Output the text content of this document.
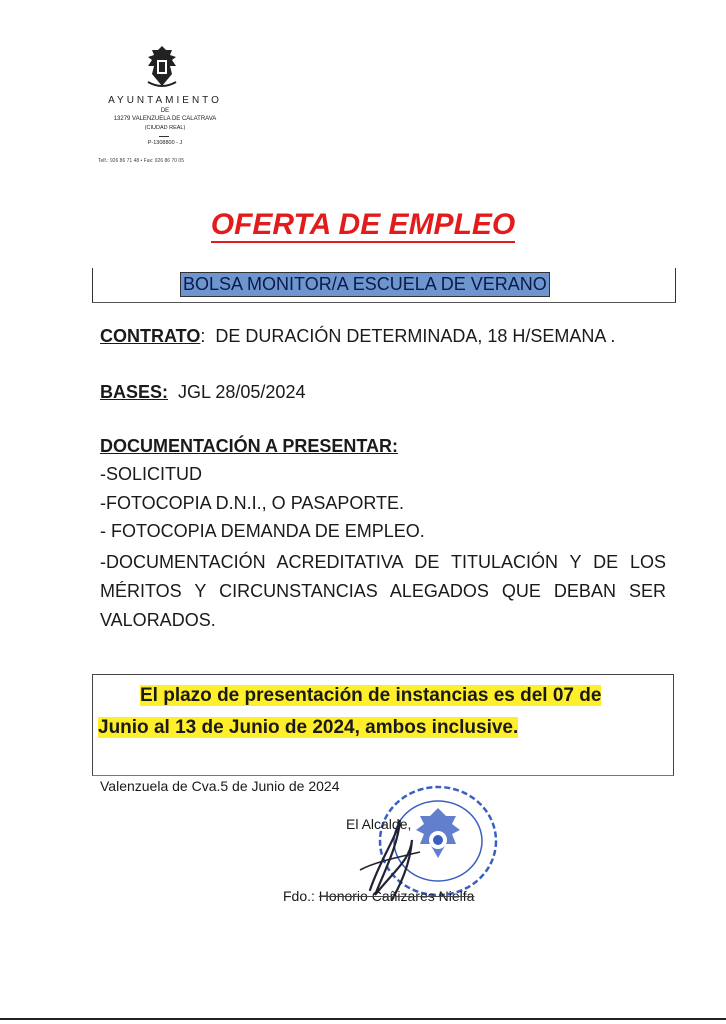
AYUNTAMIENTO
DE
13279 VALENZUELA DE CALATRAVA
(CIUDAD REAL)
P-1308800 - J
Telf.: 926 86 71 48 • Fax: 926 86 70 05
OFERTA DE EMPLEO
BOLSA MONITOR/A ESCUELA DE VERANO
CONTRATO: DE DURACIÓN DETERMINADA, 18 H/SEMANA .
BASES: JGL 28/05/2024
DOCUMENTACIÓN A PRESENTAR:
-SOLICITUD
-FOTOCOPIA D.N.I., O PASAPORTE.
- FOTOCOPIA DEMANDA DE EMPLEO.
-DOCUMENTACIÓN ACREDITATIVA DE TITULACIÓN Y DE LOS MÉRITOS Y CIRCUNSTANCIAS ALEGADOS QUE DEBAN SER VALORADOS.
El plazo de presentación de instancias es del 07 de
Junio al 13 de Junio de 2024, ambos inclusive.
Valenzuela de Cva.5 de Junio de 2024
El Alcalde,
Fdo.: Honorio Cañizares Nielfa
